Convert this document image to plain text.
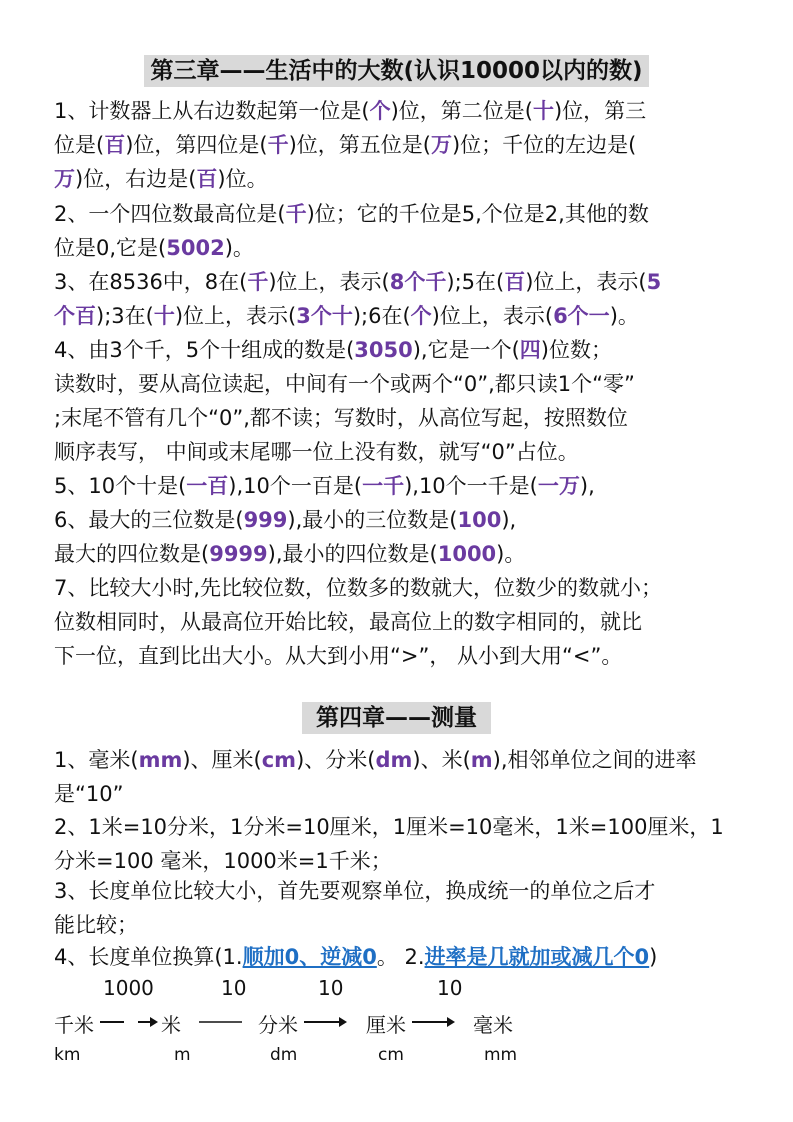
第三章——生活中的大数(认识10000以内的数)
1、计数器上从右边数起第一位是(个)位，第二位是(十)位，第三
位是(百)位，第四位是(千)位，第五位是(万)位；千位的左边是(
万)位，右边是(百)位。
2、一个四位数最高位是(千)位；它的千位是5,个位是2,其他的数
位是0,它是(5002)。
3、在8536中，8在(千)位上，表示(8个千);5在(百)位上，表示(5
个百);3在(十)位上，表示(3个十);6在(个)位上，表示(6个一)。
4、由3个千，5个十组成的数是(3050),它是一个(四)位数；
读数时，要从高位读起，中间有一个或两个“0”,都只读1个“零”
;末尾不管有几个“0”,都不读；写数时，从高位写起，按照数位
顺序表写， 中间或末尾哪一位上没有数，就写“0”占位。
5、10个十是(一百),10个一百是(一千),10个一千是(一万),
6、最大的三位数是(999),最小的三位数是(100),
最大的四位数是(9999),最小的四位数是(1000)。
7、比较大小时,先比较位数，位数多的数就大，位数少的数就小；
位数相同时，从最高位开始比较，最高位上的数字相同的，就比
下一位，直到比出大小。从大到小用“>”， 从小到大用“<”。
第四章——测量
1、毫米(mm)、厘米(cm)、分米(dm)、米(m),相邻单位之间的进率
是“10”
2、1米=10分米，1分米=10厘米，1厘米=10毫米，1米=100厘米，1
分米=100 毫米，1000米=1千米；
3、长度单位比较大小，首先要观察单位，换成统一的单位之后才
能比较；
4、长度单位换算(1.顺加0、逆减0。 2.进率是几就加或减几个0)
1000	10	10	10
千米	米	分米	厘米	毫米
km	m	dm	cm	mm
